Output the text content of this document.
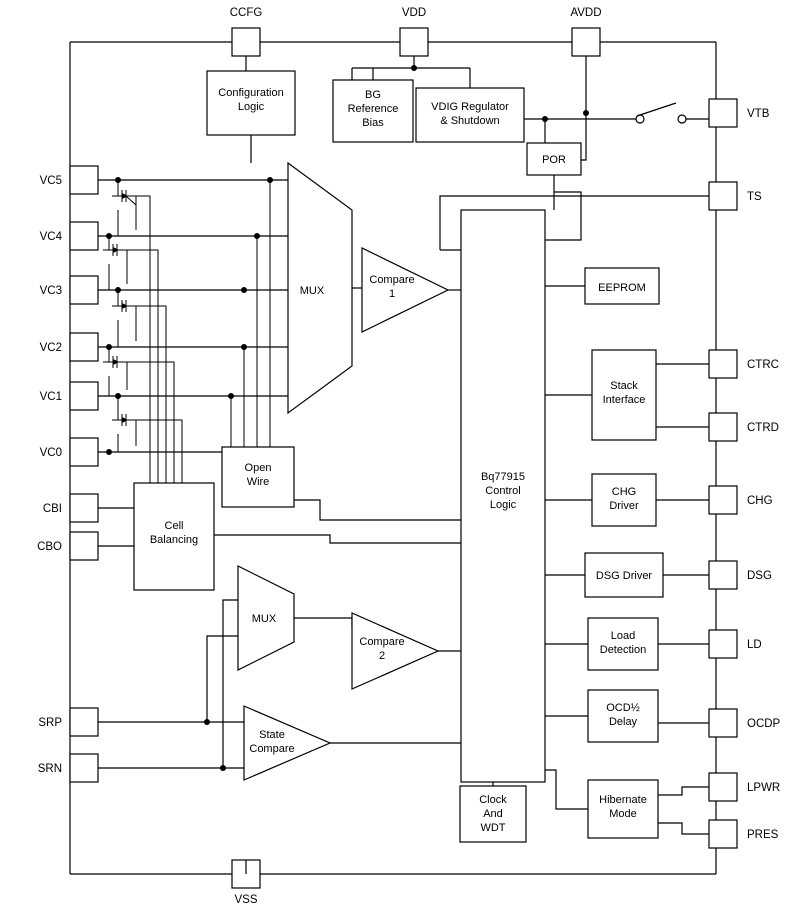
CCFG	VDD	AVDD
VSS
VC5
VC4
VC3
VC2
VC1
VC0
CBI
CBO
SRP
SRN
VTB
TS
CTRC
CTRD
CHG
DSG
LD
OCDP
LPWR
PRES
Configuration
Logic
BG
Reference
Bias
VDIG Regulator
& Shutdown
POR
Open
Wire
Cell
Balancing
Bq77915
Control
Logic
EEPROM
Stack
Interface
CHG
Driver
DSG Driver
Load
Detection
OCD½
Delay
Clock
And
WDT
Hibernate
Mode
MUX
Compare
1
MUX
Compare
2
State
Compare
